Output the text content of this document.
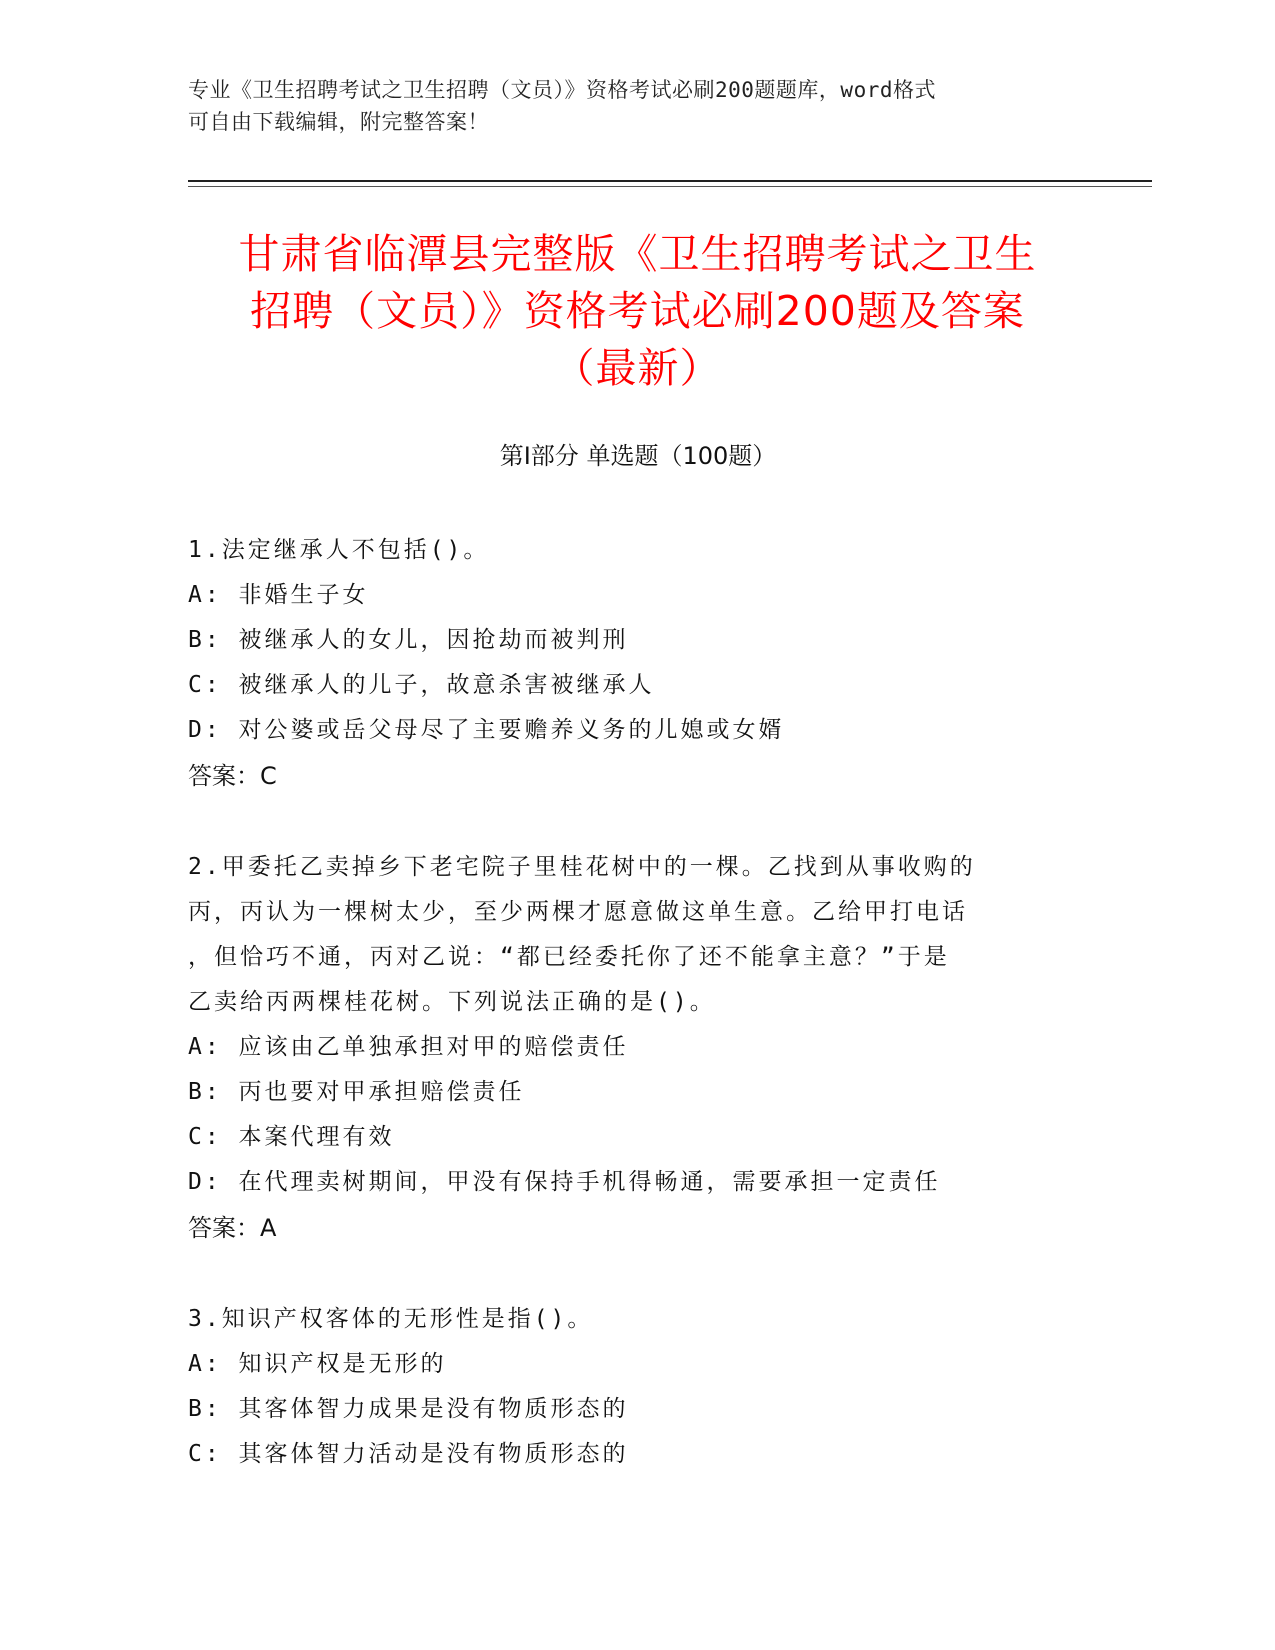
专业《卫生招聘考试之卫生招聘（文员）》资格考试必刷200题题库，word格式
可自由下载编辑，附完整答案！
甘肃省临潭县完整版《卫生招聘考试之卫生
招聘（文员）》资格考试必刷200题及答案
（最新）
第Ⅰ部分 单选题（100题）
1.法定继承人不包括()。
A: 非婚生子女
B: 被继承人的女儿，因抢劫而被判刑
C: 被继承人的儿子，故意杀害被继承人
D: 对公婆或岳父母尽了主要赡养义务的儿媳或女婿
答案：C
2.甲委托乙卖掉乡下老宅院子里桂花树中的一棵。乙找到从事收购的
丙，丙认为一棵树太少，至少两棵才愿意做这单生意。乙给甲打电话
，但恰巧不通，丙对乙说：“都已经委托你了还不能拿主意？”于是
乙卖给丙两棵桂花树。下列说法正确的是()。
A: 应该由乙单独承担对甲的赔偿责任
B: 丙也要对甲承担赔偿责任
C: 本案代理有效
D: 在代理卖树期间，甲没有保持手机得畅通，需要承担一定责任
答案：A
3.知识产权客体的无形性是指()。
A: 知识产权是无形的
B: 其客体智力成果是没有物质形态的
C: 其客体智力活动是没有物质形态的
